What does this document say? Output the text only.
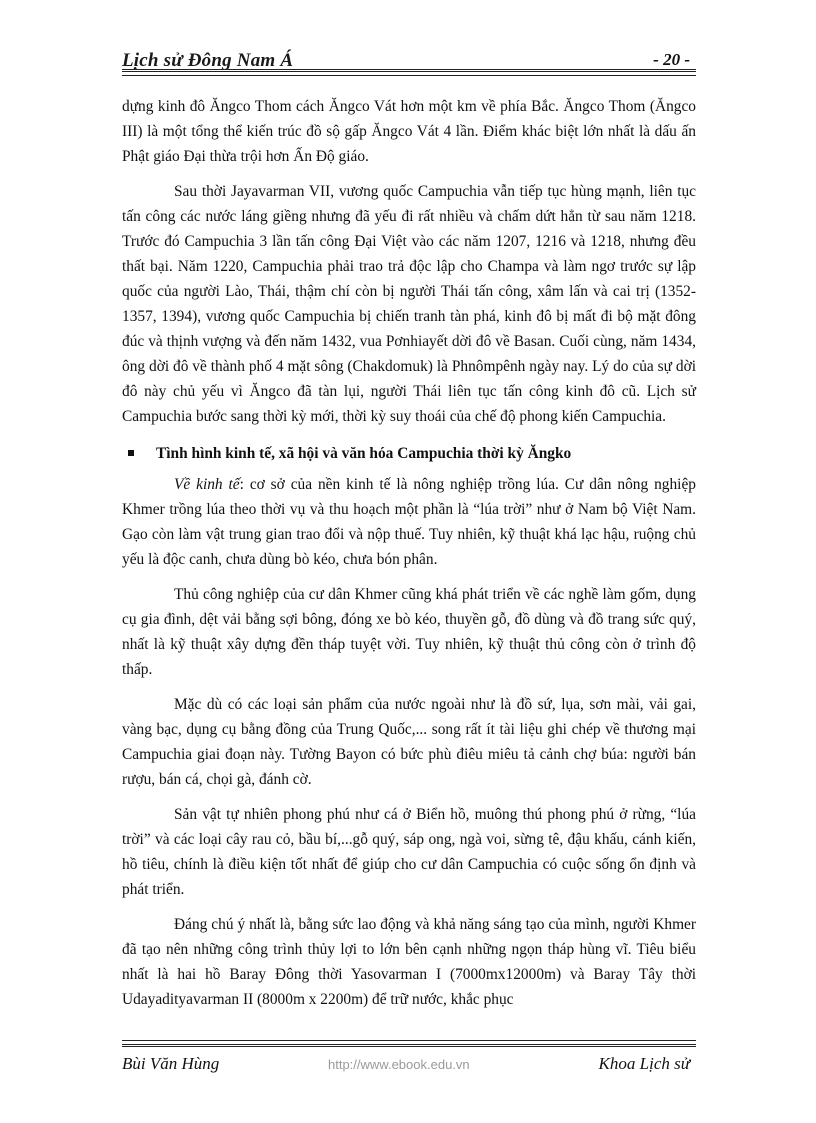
Lịch sử Đông Nam Á	- 20 -

dựng kinh đô Ăngco Thom cách Ăngco Vát hơn một km về phía Bắc. Ăngco Thom (Ăngco III) là một tổng thể kiến trúc đồ sộ gấp Ăngco Vát 4 lần. Điểm khác biệt lớn nhất là dấu ấn Phật giáo Đại thừa trội hơn Ấn Độ giáo.

Sau thời Jayavarman VII, vương quốc Campuchia vẫn tiếp tục hùng mạnh, liên tục tấn công các nước láng giềng nhưng đã yếu đi rất nhiều và chấm dứt hẳn từ sau năm 1218. Trước đó Campuchia 3 lần tấn công Đại Việt vào các năm 1207, 1216 và 1218, nhưng đều thất bại. Năm 1220, Campuchia phải trao trả độc lập cho Champa và làm ngơ trước sự lập quốc của người Lào, Thái, thậm chí còn bị người Thái tấn công, xâm lấn và cai trị (1352-1357, 1394), vương quốc Campuchia bị chiến tranh tàn phá, kinh đô bị mất đi bộ mặt đông đúc và thịnh vượng và đến năm 1432, vua Pơnhiayết dời đô về Basan. Cuối cùng, năm 1434, ông dời đô về thành phố 4 mặt sông (Chakdomuk) là Phnômpênh ngày nay. Lý do của sự dời đô này chủ yếu vì Ăngco đã tàn lụi, người Thái liên tục tấn công kinh đô cũ. Lịch sử Campuchia bước sang thời kỳ mới, thời kỳ suy thoái của chế độ phong kiến Campuchia.

Tình hình kinh tế, xã hội và văn hóa Campuchia thời kỳ Ăngko

Về kinh tế: cơ sở của nền kinh tế là nông nghiệp trồng lúa. Cư dân nông nghiệp Khmer trồng lúa theo thời vụ và thu hoạch một phần là “lúa trời” như ở Nam bộ Việt Nam. Gạo còn làm vật trung gian trao đổi và nộp thuế. Tuy nhiên, kỹ thuật khá lạc hậu, ruộng chủ yếu là độc canh, chưa dùng bò kéo, chưa bón phân.

Thủ công nghiệp của cư dân Khmer cũng khá phát triển về các nghề làm gốm, dụng cụ gia đình, dệt vải bằng sợi bông, đóng xe bò kéo, thuyền gỗ, đồ dùng và đồ trang sức quý, nhất là kỹ thuật xây dựng đền tháp tuyệt vời. Tuy nhiên, kỹ thuật thủ công còn ở trình độ thấp.

Mặc dù có các loại sản phẩm của nước ngoài như là đồ sứ, lụa, sơn mài, vải gai, vàng bạc, dụng cụ bằng đồng của Trung Quốc,... song rất ít tài liệu ghi chép về thương mại Campuchia giai đoạn này. Tường Bayon có bức phù điêu miêu tả cảnh chợ búa: người bán rượu, bán cá, chọi gà, đánh cờ.

Sản vật tự nhiên phong phú như cá ở Biển hồ, muông thú phong phú ở rừng, “lúa trời” và các loại cây rau cỏ, bầu bí,...gỗ quý, sáp ong, ngà voi, sừng tê, đậu khấu, cánh kiến, hồ tiêu, chính là điều kiện tốt nhất để giúp cho cư dân Campuchia có cuộc sống ổn định và phát triển.

Đáng chú ý nhất là, bằng sức lao động và khả năng sáng tạo của mình, người Khmer đã tạo nên những công trình thủy lợi to lớn bên cạnh những ngọn tháp hùng vĩ. Tiêu biểu nhất là hai hồ Baray Đông thời Yasovarman I (7000mx12000m) và Baray Tây thời Udayadityavarman II (8000m x 2200m) để trữ nước, khắc phục

Bùi Văn Hùng	http://www.ebook.edu.vn	Khoa Lịch sử
